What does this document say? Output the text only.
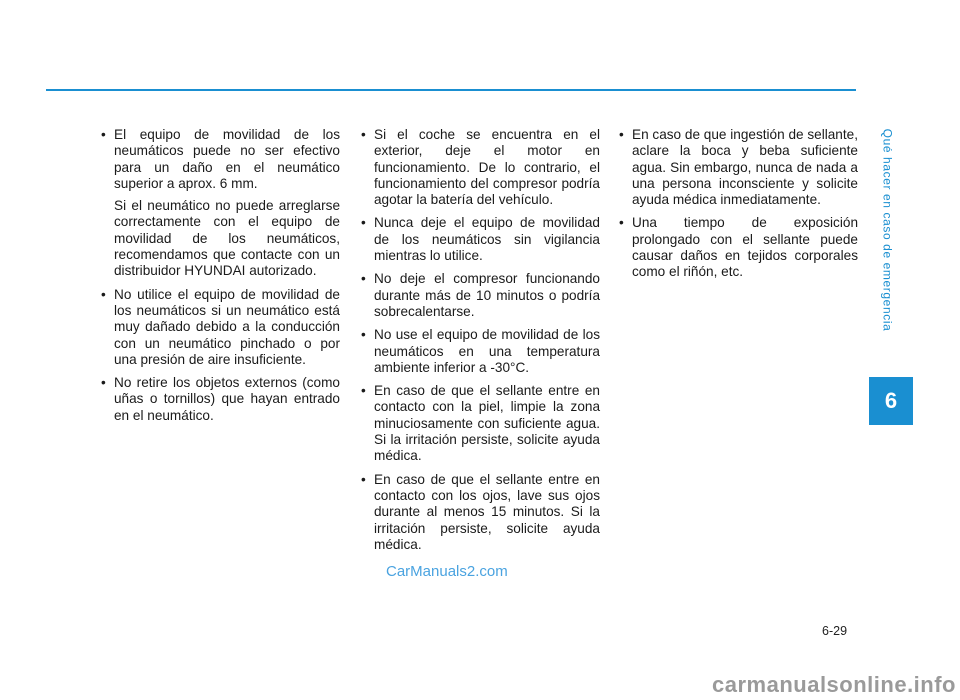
Qué hacer en caso de emergencia
6
• El equipo de movilidad de los neumáticos puede no ser efectivo para un daño en el neumático superior a aprox. 6 mm.

Si el neumático no puede arreglarse correctamente con el equipo de movilidad de los neumáticos, recomendamos que contacte con un distribuidor HYUNDAI autorizado.

• No utilice el equipo de movilidad de los neumáticos si un neumático está muy dañado debido a la conducción con un neumático pinchado o por una presión de aire insuficiente.
• No retire los objetos externos (como uñas o tornillos) que hayan entrado en el neumático.
• Si el coche se encuentra en el exterior, deje el motor en funcionamiento. De lo contrario, el funcionamiento del compresor podría agotar la batería del vehículo.
• Nunca deje el equipo de movilidad de los neumáticos sin vigilancia mientras lo utilice.
• No deje el compresor funcionando durante más de 10 minutos o podría sobrecalentarse.
• No use el equipo de movilidad de los neumáticos en una temperatura ambiente inferior a -30°C.
• En caso de que el sellante entre en contacto con la piel, limpie la zona minuciosamente con suficiente agua. Si la irritación persiste, solicite ayuda médica.
• En caso de que el sellante entre en contacto con los ojos, lave sus ojos durante al menos 15 minutos. Si la irritación persiste, solicite ayuda médica.
• En caso de que ingestión de sellante, aclare la boca y beba suficiente agua. Sin embargo, nunca de nada a una persona inconsciente y solicite ayuda médica inmediatamente.
• Una tiempo de exposición prolongado con el sellante puede causar daños en tejidos corporales como el riñón, etc.
CarManuals2.com
6-29
carmanualsonline.info
